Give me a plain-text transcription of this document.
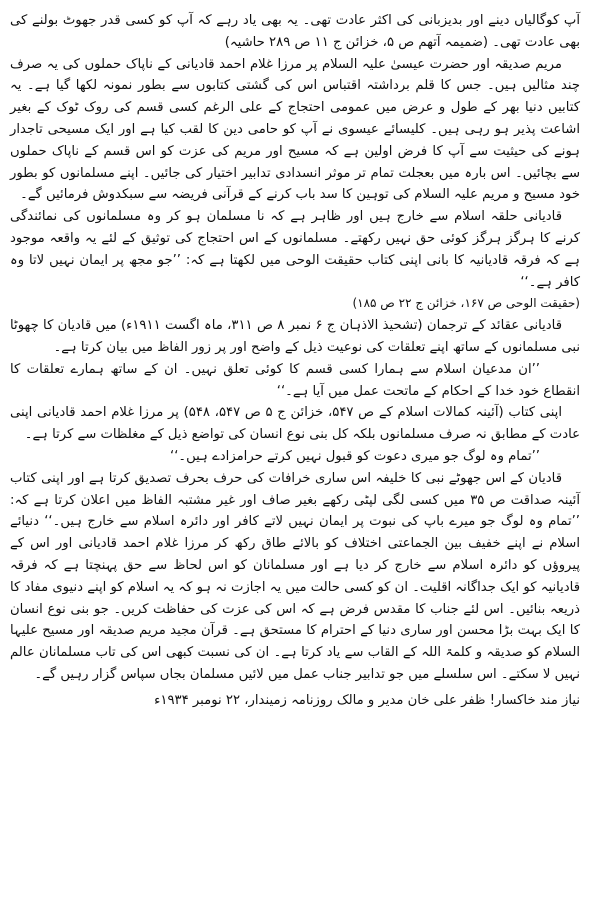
آپ کوگالیاں دینے اور بدیزبانی کی اکثر عادت تھی۔ یہ بھی یاد رہے کہ آپ کو کسی قدر جھوٹ بولنے کی بھی عادت تھی۔ (ضمیمہ آتھم ص ۵، خزائن ج ۱۱ ص ۲۸۹ حاشیہ)

مریم صدیقہ اور حضرت عیسیٰ علیہ السلام پر مرزا غلام احمد قادیانی کے ناپاک حملوں کی یہ صرف چند مثالیں ہیں۔ جس کا قلم برداشتہ اقتباس اس کی گشتی کتابوں سے بطور نمونہ لکھا گیا ہے۔ یہ کتابیں دنیا بھر کے طول و عرض میں عمومی احتجاج کے علی الرغم کسی قسم کی روک ٹوک کے بغیر اشاعت پذیر ہو رہی ہیں۔ کلیسائے عیسوی نے آپ کو حامی دین کا لقب کیا ہے اور ایک مسیحی تاجدار ہونے کی حیثیت سے آپ کا فرض اولین ہے کہ مسیح اور مریم کی عزت کو اس قسم کے ناپاک حملوں سے بچائیں۔ اس بارہ میں بعجلت تمام تر موثر انسدادی تدابیر اختیار کی جائیں۔ اپنے مسلمانوں کو بطور خود مسیح و مریم علیہ السلام کی توہین کا سد باب کرنے کے قرآنی فریضہ سے سبکدوش فرمائیں گے۔

قادیانی حلقہ اسلام سے خارج ہیں اور ظاہر ہے کہ نا مسلمان ہو کر وہ مسلمانوں کی نمائندگی کرنے کا ہرگز ہرگز کوئی حق نہیں رکھتے۔ مسلمانوں کے اس احتجاج کی توثیق کے لئے یہ واقعہ موجود ہے کہ فرقہ قادیانیہ کا بانی اپنی کتاب حقیقت الوحی میں لکھتا ہے کہ: ’’جو مجھ پر ایمان نہیں لاتا وہ کافر ہے۔‘‘

(حقیقت الوحی ص ۱۶۷، خزائن ج ۲۲ ص ۱۸۵)

قادیانی عقائد کے ترجمان (تشحیذ الاذہان ج ۶ نمبر ۸ ص ۳۱۱، ماہ اگست ۱۹۱۱ء) میں قادیان کا چھوٹا نبی مسلمانوں کے ساتھ اپنے تعلقات کی نوعیت ذیل کے واضح اور پر زور الفاظ میں بیان کرتا ہے۔

’’ان مدعیان اسلام سے ہمارا کسی قسم کا کوئی تعلق نہیں۔ ان کے ساتھ ہمارے تعلقات کا انقطاع خود خدا کے احکام کے ماتحت عمل میں آیا ہے۔‘‘

اپنی کتاب (آئینہ کمالات اسلام کے ص ۵۴۷، خزائن ج ۵ ص ۵۴۷، ۵۴۸) پر مرزا غلام احمد قادیانی اپنی عادت کے مطابق نہ صرف مسلمانوں بلکہ کل بنی نوع انسان کی تواضع ذیل کے مغلظات سے کرتا ہے۔

’’تمام وہ لوگ جو میری دعوت کو قبول نہیں کرتے حرامزادے ہیں۔‘‘

قادیان کے اس جھوٹے نبی کا خلیفہ اس ساری خرافات کی حرف بحرف تصدیق کرتا ہے اور اپنی کتاب آئینہ صداقت ص ۳۵ میں کسی لگی لپٹی رکھے بغیر صاف اور غیر مشتبہ الفاظ میں اعلان کرتا ہے کہ: ’’تمام وہ لوگ جو میرے باپ کی نبوت پر ایمان نہیں لاتے کافر اور دائرہ اسلام سے خارج ہیں۔‘‘ دنیائے اسلام نے اپنے خفیف بین الجماعتی اختلاف کو بالائے طاق رکھ کر مرزا غلام احمد قادیانی اور اس کے پیروؤں کو دائرہ اسلام سے خارج کر دیا ہے اور مسلمانان کو اس لحاظ سے حق پہنچتا ہے کہ فرقہ قادیانیہ کو ایک جداگانہ اقلیت۔ ان کو کسی حالت میں یہ اجازت نہ ہو کہ یہ اسلام کو اپنے دنیوی مفاد کا ذریعہ بنائیں۔ اس لئے جناب کا مقدس فرض ہے کہ اس کی عزت کی حفاظت کریں۔ جو بنی نوع انسان کا ایک بہت بڑا محسن اور ساری دنیا کے احترام کا مستحق ہے۔ قرآن مجید مریم صدیقہ اور مسیح علیہا السلام کو صدیقہ و کلمۃ اللہ کے القاب سے یاد کرتا ہے۔ ان کی نسبت کبھی اس کی تاب مسلمانان عالم نہیں لا سکتے۔ اس سلسلے میں جو تدابیر جناب عمل میں لائیں مسلمان بجاں سپاس گزار رہیں گے۔

نیاز مند خاکسار! ظفر علی خان مدیر و مالک روزنامہ زمیندار، ۲۲ نومبر ۱۹۳۴ء
